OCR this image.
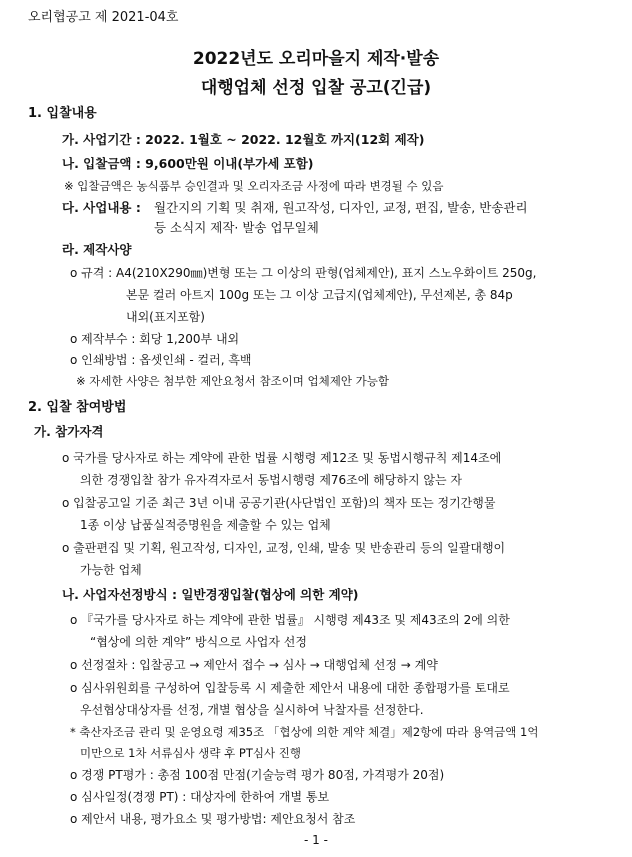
오리협공고 제 2021-04호
2022년도 오리마을지 제작·발송
대행업체 선정 입찰 공고(긴급)
1. 입찰내용
가. 사업기간 : 2022. 1월호 ~ 2022. 12월호 까지(12회 제작)
나. 입찰금액 : 9,600만원 이내(부가세 포함)
※ 입찰금액은 농식품부 승인결과 및 오리자조금 사정에 따라 변경될 수 있음
다. 사업내용 : 월간지의 기획 및 취재, 원고작성, 디자인, 교정, 편집, 발송, 반송관리
등 소식지 제작· 발송 업무일체
라. 제작사양
o 규격 : A4(210X290㎜)변형 또는 그 이상의 판형(업체제안), 표지 스노우화이트 250g,
본문 컬러 아트지 100g 또는 그 이상 고급지(업체제안), 무선제본, 총 84p
내외(표지포함)
o 제작부수 : 회당 1,200부 내외
o 인쇄방법 : 옵셋인쇄 - 컬러, 흑백
※ 자세한 사양은 첨부한 제안요청서 참조이며 업체제안 가능함
2. 입찰 참여방법
가. 참가자격
o 국가를 당사자로 하는 계약에 관한 법률 시행령 제12조 및 동법시행규칙 제14조에
의한 경쟁입찰 참가 유자격자로서 동법시행령 제76조에 해당하지 않는 자
o 입찰공고일 기준 최근 3년 이내 공공기관(사단법인 포함)의 책자 또는 정기간행물
1종 이상 납품실적증명원을 제출할 수 있는 업체
o 출판편집 및 기획, 원고작성, 디자인, 교정, 인쇄, 발송 및 반송관리 등의 일괄대행이
가능한 업체
나. 사업자선정방식 : 일반경쟁입찰(협상에 의한 계약)
o 『국가를 당사자로 하는 계약에 관한 법률』 시행령 제43조 및 제43조의 2에 의한
“협상에 의한 계약” 방식으로 사업자 선정
o 선정절차 : 입찰공고 → 제안서 접수 → 심사 → 대행업체 선정 → 계약
o 심사위원회를 구성하여 입찰등록 시 제출한 제안서 내용에 대한 종합평가를 토대로
우선협상대상자를 선정, 개별 협상을 실시하여 낙찰자를 선정한다.
* 축산자조금 관리 및 운영요령 제35조 「협상에 의한 계약 체결」제2항에 따라 용역금액 1억
미만으로 1차 서류심사 생략 후 PT심사 진행
o 경쟁 PT평가 : 총점 100점 만점(기술능력 평가 80점, 가격평가 20점)
o 심사일정(경쟁 PT) : 대상자에 한하여 개별 통보
o 제안서 내용, 평가요소 및 평가방법: 제안요청서 참조
- 1 -
